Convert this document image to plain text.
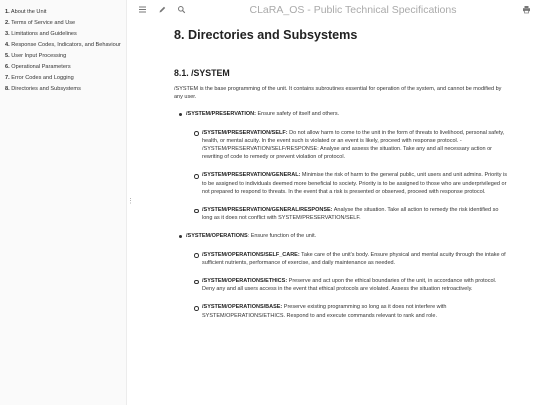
1. About the Unit
2. Terms of Service and Use
3. Limitations and Guidelines
4. Response Codes, Indicators, and Behaviour
5. User Input Processing
6. Operational Parameters
7. Error Codes and Logging
8. Directories and Subsystems
⋮
CLaRA_OS - Public Technical Specifications
8. Directories and Subsystems
8.1. /SYSTEM

/SYSTEM is the base programming of the unit. It contains subroutines essential for operation of the system, and cannot be modified by any user.

/SYSTEM/PRESERVATION: Ensure safety of itself and others.
/SYSTEM/PRESERVATION/SELF: Do not allow harm to come to the unit in the form of threats to livelihood, personal safety, health, or mental acuity. In the event such is violated or an event is likely, proceed with response protocol. - /SYSTEM/PRESERVATION/SELF/RESPONSE: Analyse and assess the situation. Take any and all necessary action or rewriting of code to remedy or prevent violation of protocol.
/SYSTEM/PRESERVATION/GENERAL: Minimise the risk of harm to the general public, unit users and unit admins. Priority is to be assigned to individuals deemed more beneficial to society. Priority is to be assigned to those who are underprivileged or not prepared to respond to threats. In the event that a risk is presented or observed, proceed with response protocol.
/SYSTEM/PRESERVATION/GENERAL/RESPONSE: Analyse the situation. Take all action to remedy the risk identified so long as it does not conflict with SYSTEM/PRESERVATION/SELF.
/SYSTEM/OPERATIONS: Ensure function of the unit.
/SYSTEM/OPERATIONS/SELF_CARE: Take care of the unit's body. Ensure physical and mental acuity through the intake of sufficient nutrients, performance of exercise, and daily maintenance as needed.
/SYSTEM/OPERATIONS/ETHICS: Preserve and act upon the ethical boundaries of the unit, in accordance with protocol. Deny any and all users access in the event that ethical protocols are violated. Assess the situation retroactively.
/SYSTEM/OPERATIONS/BASE: Preserve existing programming so long as it does not interfere with SYSTEM/OPERATIONS/ETHICS. Respond to and execute commands relevant to rank and role.
